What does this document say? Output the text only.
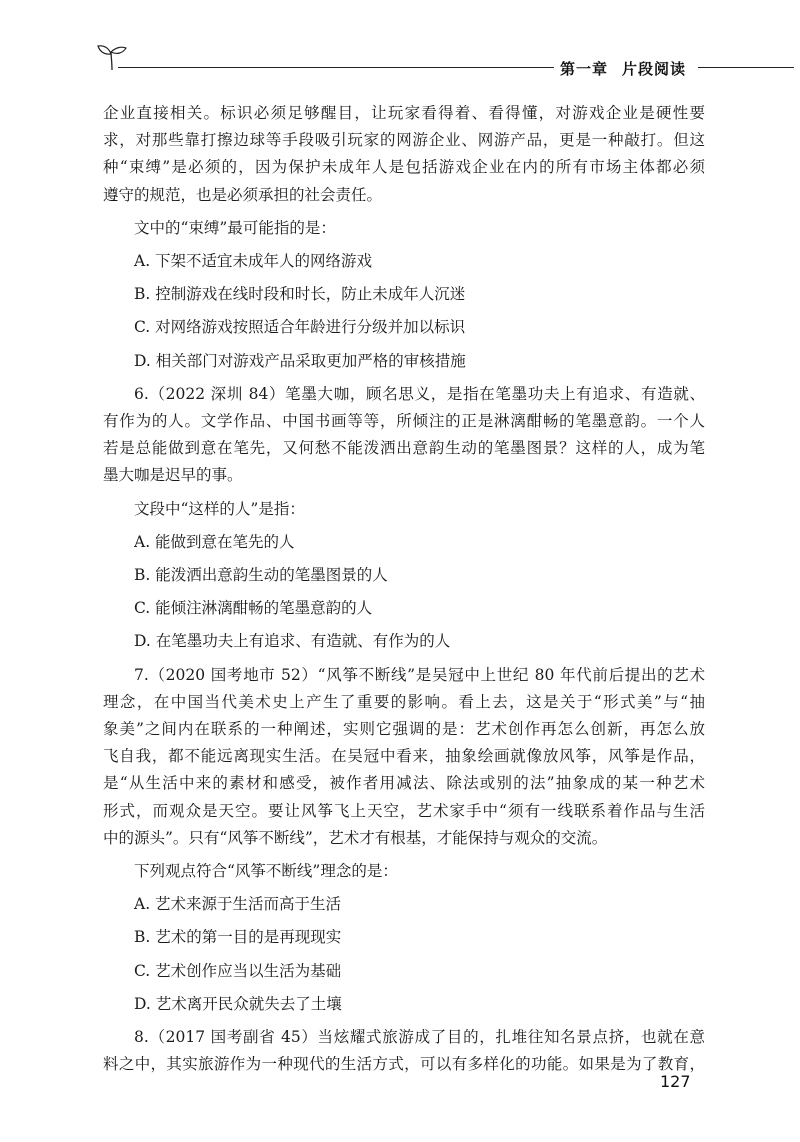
第一章 片段阅读

企业直接相关。标识必须足够醒目，让玩家看得着、看得懂，对游戏企业是硬性要

求，对那些靠打擦边球等手段吸引玩家的网游企业、网游产品，更是一种敲打。但这

种“束缚”是必须的，因为保护未成年人是包括游戏企业在内的所有市场主体都必须

遵守的规范，也是必须承担的社会责任。

文中的“束缚”最可能指的是：

A. 下架不适宜未成年人的网络游戏

B. 控制游戏在线时段和时长，防止未成年人沉迷

C. 对网络游戏按照适合年龄进行分级并加以标识

D. 相关部门对游戏产品采取更加严格的审核措施

6.（2022 深圳 84）笔墨大咖，顾名思义，是指在笔墨功夫上有追求、有造就、

有作为的人。文学作品、中国书画等等，所倾注的正是淋漓酣畅的笔墨意韵。一个人

若是总能做到意在笔先，又何愁不能泼洒出意韵生动的笔墨图景？这样的人，成为笔

墨大咖是迟早的事。

文段中“这样的人”是指：

A. 能做到意在笔先的人

B. 能泼洒出意韵生动的笔墨图景的人

C. 能倾注淋漓酣畅的笔墨意韵的人

D. 在笔墨功夫上有追求、有造就、有作为的人

7.（2020 国考地市 52）“风筝不断线”是吴冠中上世纪 80 年代前后提出的艺术

理念，在中国当代美术史上产生了重要的影响。看上去，这是关于“形式美”与“抽

象美”之间内在联系的一种阐述，实则它强调的是：艺术创作再怎么创新，再怎么放

飞自我，都不能远离现实生活。在吴冠中看来，抽象绘画就像放风筝，风筝是作品，

是“从生活中来的素材和感受，被作者用减法、除法或别的法”抽象成的某一种艺术

形式，而观众是天空。要让风筝飞上天空，艺术家手中“须有一线联系着作品与生活

中的源头”。只有“风筝不断线”，艺术才有根基，才能保持与观众的交流。

下列观点符合“风筝不断线”理念的是：

A. 艺术来源于生活而高于生活

B. 艺术的第一目的是再现现实

C. 艺术创作应当以生活为基础

D. 艺术离开民众就失去了土壤

8.（2017 国考副省 45）当炫耀式旅游成了目的，扎堆往知名景点挤，也就在意

料之中，其实旅游作为一种现代的生活方式，可以有多样化的功能。如果是为了教育，

127
